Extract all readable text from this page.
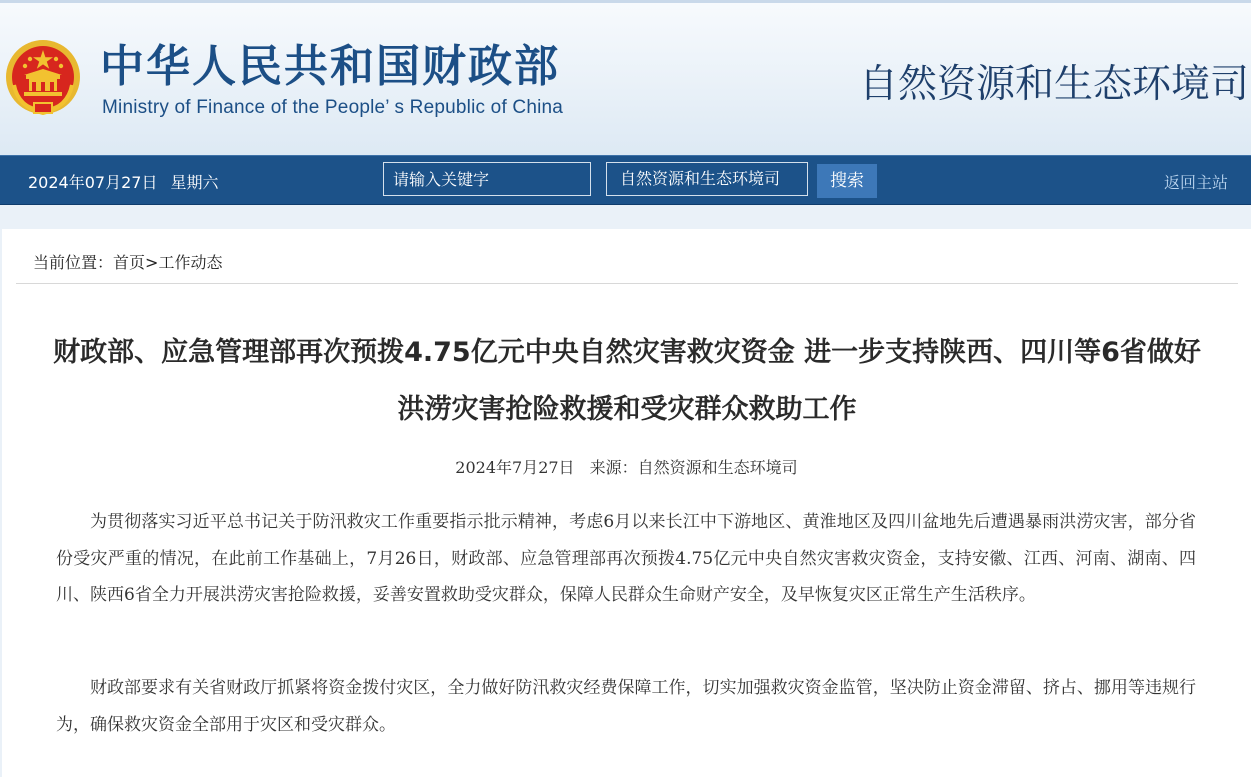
中华人民共和国财政部
Ministry of Finance of the People’ s Republic of China
自然资源和生态环境司
2024年07月27日 星期六
请输入关键字	自然资源和生态环境司	搜索	返回主站
当前位置：首页>工作动态
财政部、应急管理部再次预拨4.75亿元中央自然灾害救灾资金 进一步支持陕西、四川等6省做好洪涝灾害抢险救援和受灾群众救助工作
2024年7月27日 来源：自然资源和生态环境司

为贯彻落实习近平总书记关于防汛救灾工作重要指示批示精神，考虑6月以来长江中下游地区、黄淮地区及四川盆地先后遭遇暴雨洪涝灾害，部分省份受灾严重的情况，在此前工作基础上，7月26日，财政部、应急管理部再次预拨4.75亿元中央自然灾害救灾资金，支持安徽、江西、河南、湖南、四川、陕西6省全力开展洪涝灾害抢险救援，妥善安置救助受灾群众，保障人民群众生命财产安全，及早恢复灾区正常生产生活秩序。

财政部要求有关省财政厅抓紧将资金拨付灾区，全力做好防汛救灾经费保障工作，切实加强救灾资金监管，坚决防止资金滞留、挤占、挪用等违规行为，确保救灾资金全部用于灾区和受灾群众。
